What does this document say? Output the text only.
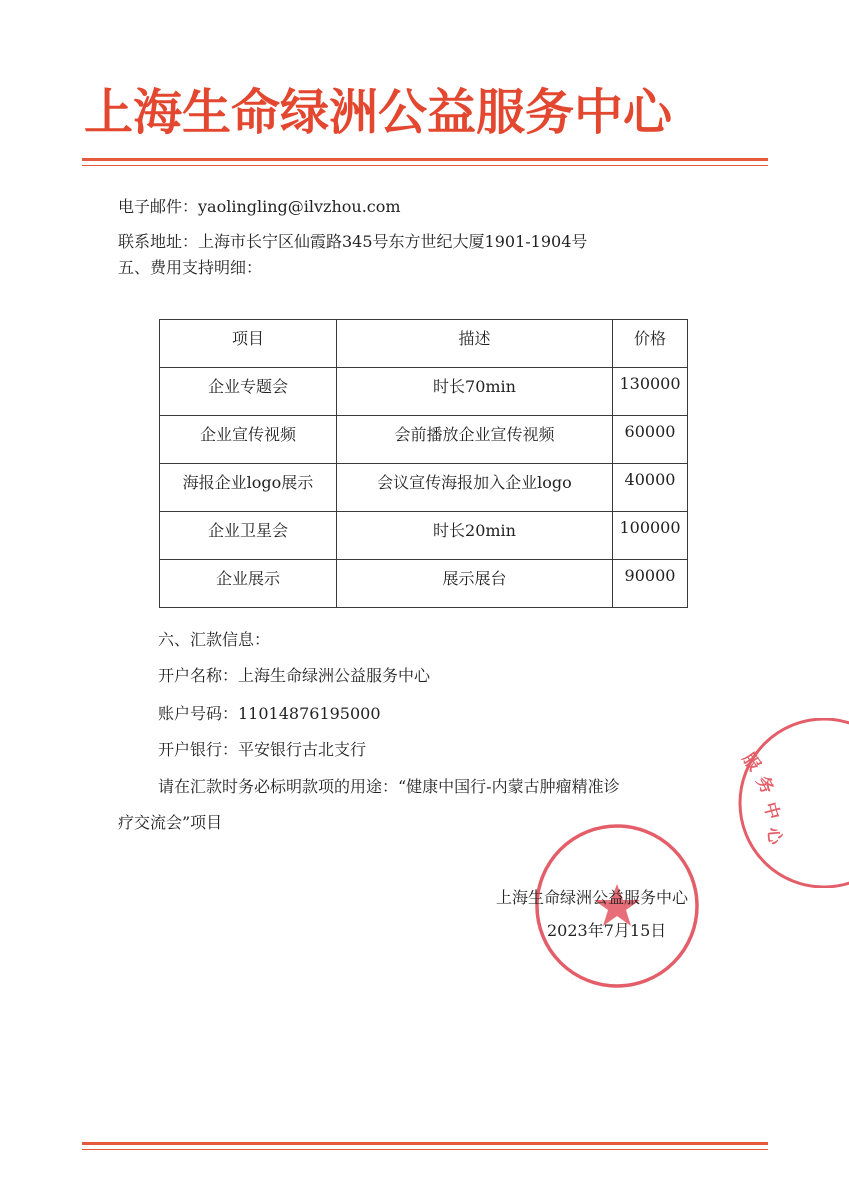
上海生命绿洲公益服务中心
电子邮件：yaolingling@ilvzhou.com
联系地址：上海市长宁区仙霞路345号东方世纪大厦1901-1904号
五、费用支持明细：
项目	描述	价格

企业专题会	时长70min	130000

企业宣传视频	会前播放企业宣传视频	60000

海报企业logo展示	会议宣传海报加入企业logo	40000

企业卫星会	时长20min	100000

企业展示	展示展台	90000
六、汇款信息：
开户名称：上海生命绿洲公益服务中心
账户号码：11014876195000
开户银行：平安银行古北支行
请在汇款时务必标明款项的用途：“健康中国行-内蒙古肿瘤精准诊
疗交流会”项目
服
务
中
心
上海生命绿洲公益服务中心
2023年7月15日
